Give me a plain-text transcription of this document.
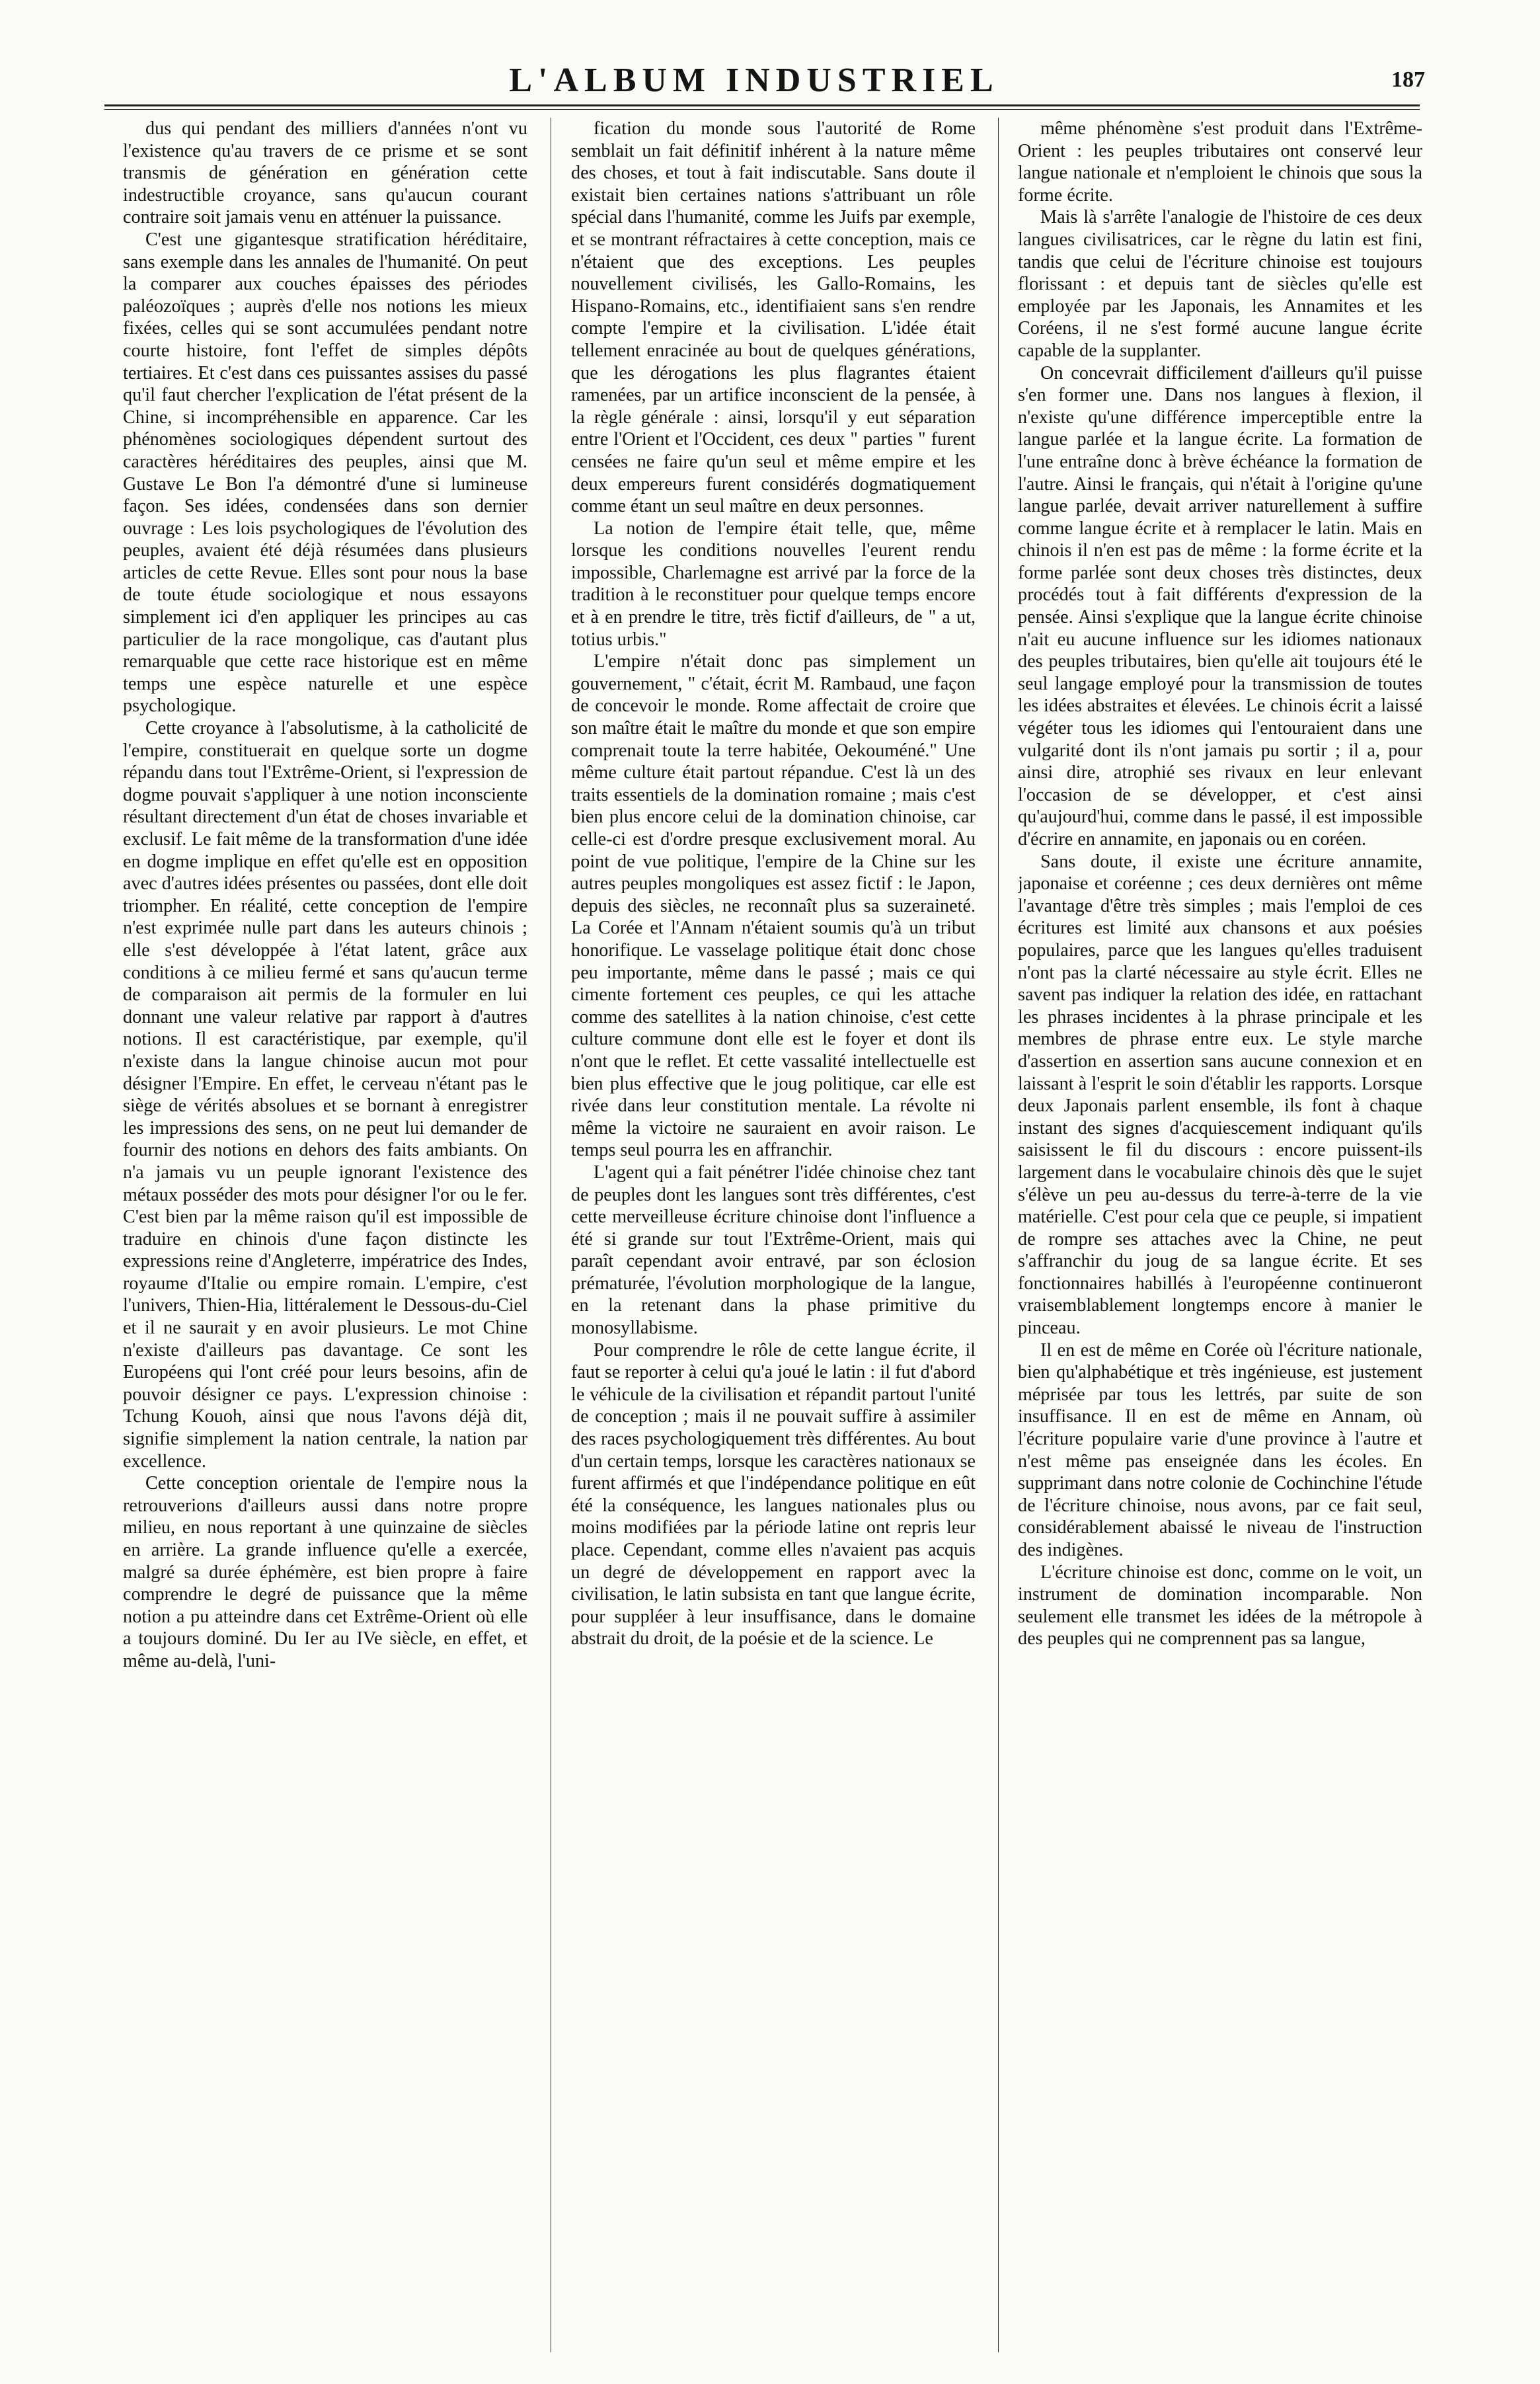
L'ALBUM INDUSTRIEL	187

dus qui pendant des milliers d'années n'ont vu l'existence qu'au travers de ce prisme et se sont transmis de génération en génération cette indestructible croyance, sans qu'aucun courant contraire soit jamais venu en atténuer la puissance.

C'est une gigantesque stratification héréditaire, sans exemple dans les annales de l'humanité. On peut la comparer aux couches épaisses des périodes paléozoïques ; auprès d'elle nos notions les mieux fixées, celles qui se sont accumulées pendant notre courte histoire, font l'effet de simples dépôts tertiaires. Et c'est dans ces puissantes assises du passé qu'il faut chercher l'explication de l'état présent de la Chine, si incompréhensible en apparence. Car les phénomènes sociologiques dépendent surtout des caractères héréditaires des peuples, ainsi que M. Gustave Le Bon l'a démontré d'une si lumineuse façon. Ses idées, condensées dans son dernier ouvrage : Les lois psychologiques de l'évolution des peuples, avaient été déjà résumées dans plusieurs articles de cette Revue. Elles sont pour nous la base de toute étude sociologique et nous essayons simplement ici d'en appliquer les principes au cas particulier de la race mongolique, cas d'autant plus remarquable que cette race historique est en même temps une espèce naturelle et une espèce psychologique.

Cette croyance à l'absolutisme, à la catholicité de l'empire, constituerait en quelque sorte un dogme répandu dans tout l'Extrême-Orient, si l'expression de dogme pouvait s'appliquer à une notion inconsciente résultant directement d'un état de choses invariable et exclusif. Le fait même de la transformation d'une idée en dogme implique en effet qu'elle est en opposition avec d'autres idées présentes ou passées, dont elle doit triompher. En réalité, cette conception de l'empire n'est exprimée nulle part dans les auteurs chinois ; elle s'est développée à l'état latent, grâce aux conditions à ce milieu fermé et sans qu'aucun terme de comparaison ait permis de la formuler en lui donnant une valeur relative par rapport à d'autres notions. Il est caractéristique, par exemple, qu'il n'existe dans la langue chinoise aucun mot pour désigner l'Empire. En effet, le cerveau n'étant pas le siège de vérités absolues et se bornant à enregistrer les impressions des sens, on ne peut lui demander de fournir des notions en dehors des faits ambiants. On n'a jamais vu un peuple ignorant l'existence des métaux posséder des mots pour désigner l'or ou le fer. C'est bien par la même raison qu'il est impossible de traduire en chinois d'une façon distincte les expressions reine d'Angleterre, impératrice des Indes, royaume d'Italie ou empire romain. L'empire, c'est l'univers, Thien-Hia, littéralement le Dessous-du-Ciel et il ne saurait y en avoir plusieurs. Le mot Chine n'existe d'ailleurs pas davantage. Ce sont les Européens qui l'ont créé pour leurs besoins, afin de pouvoir désigner ce pays. L'expression chinoise : Tchung Kouoh, ainsi que nous l'avons déjà dit, signifie simplement la nation centrale, la nation par excellence.

Cette conception orientale de l'empire nous la retrouverions d'ailleurs aussi dans notre propre milieu, en nous reportant à une quinzaine de siècles en arrière. La grande influence qu'elle a exercée, malgré sa durée éphémère, est bien propre à faire comprendre le degré de puissance que la même notion a pu atteindre dans cet Extrême-Orient où elle a toujours dominé. Du Ier au IVe siècle, en effet, et même au-delà, l'uni-

fication du monde sous l'autorité de Rome semblait un fait définitif inhérent à la nature même des choses, et tout à fait indiscutable. Sans doute il existait bien certaines nations s'attribuant un rôle spécial dans l'humanité, comme les Juifs par exemple, et se montrant réfractaires à cette conception, mais ce n'étaient que des exceptions. Les peuples nouvellement civilisés, les Gallo-Romains, les Hispano-Romains, etc., identifiaient sans s'en rendre compte l'empire et la civilisation. L'idée était tellement enracinée au bout de quelques générations, que les dérogations les plus flagrantes étaient ramenées, par un artifice inconscient de la pensée, à la règle générale : ainsi, lorsqu'il y eut séparation entre l'Orient et l'Occident, ces deux " parties " furent censées ne faire qu'un seul et même empire et les deux empereurs furent considérés dogmatiquement comme étant un seul maître en deux personnes.

La notion de l'empire était telle, que, même lorsque les conditions nouvelles l'eurent rendu impossible, Charlemagne est arrivé par la force de la tradition à le reconstituer pour quelque temps encore et à en prendre le titre, très fictif d'ailleurs, de " a ut, totius urbis."

L'empire n'était donc pas simplement un gouvernement, " c'était, écrit M. Rambaud, une façon de concevoir le monde. Rome affectait de croire que son maître était le maître du monde et que son empire comprenait toute la terre habitée, Oekouméné." Une même culture était partout répandue. C'est là un des traits essentiels de la domination romaine ; mais c'est bien plus encore celui de la domination chinoise, car celle-ci est d'ordre presque exclusivement moral. Au point de vue politique, l'empire de la Chine sur les autres peuples mongoliques est assez fictif : le Japon, depuis des siècles, ne reconnaît plus sa suzeraineté. La Corée et l'Annam n'étaient soumis qu'à un tribut honorifique. Le vasselage politique était donc chose peu importante, même dans le passé ; mais ce qui cimente fortement ces peuples, ce qui les attache comme des satellites à la nation chinoise, c'est cette culture commune dont elle est le foyer et dont ils n'ont que le reflet. Et cette vassalité intellectuelle est bien plus effective que le joug politique, car elle est rivée dans leur constitution mentale. La révolte ni même la victoire ne sauraient en avoir raison. Le temps seul pourra les en affranchir.

L'agent qui a fait pénétrer l'idée chinoise chez tant de peuples dont les langues sont très différentes, c'est cette merveilleuse écriture chinoise dont l'influence a été si grande sur tout l'Extrême-Orient, mais qui paraît cependant avoir entravé, par son éclosion prématurée, l'évolution morphologique de la langue, en la retenant dans la phase primitive du monosyllabisme.

Pour comprendre le rôle de cette langue écrite, il faut se reporter à celui qu'a joué le latin : il fut d'abord le véhicule de la civilisation et répandit partout l'unité de conception ; mais il ne pouvait suffire à assimiler des races psychologiquement très différentes. Au bout d'un certain temps, lorsque les caractères nationaux se furent affirmés et que l'indépendance politique en eût été la conséquence, les langues nationales plus ou moins modifiées par la période latine ont repris leur place. Cependant, comme elles n'avaient pas acquis un degré de développement en rapport avec la civilisation, le latin subsista en tant que langue écrite, pour suppléer à leur insuffisance, dans le domaine abstrait du droit, de la poésie et de la science. Le

même phénomène s'est produit dans l'Extrême-Orient : les peuples tributaires ont conservé leur langue nationale et n'emploient le chinois que sous la forme écrite.

Mais là s'arrête l'analogie de l'histoire de ces deux langues civilisatrices, car le règne du latin est fini, tandis que celui de l'écriture chinoise est toujours florissant : et depuis tant de siècles qu'elle est employée par les Japonais, les Annamites et les Coréens, il ne s'est formé aucune langue écrite capable de la supplanter.

On concevrait difficilement d'ailleurs qu'il puisse s'en former une. Dans nos langues à flexion, il n'existe qu'une différence imperceptible entre la langue parlée et la langue écrite. La formation de l'une entraîne donc à brève échéance la formation de l'autre. Ainsi le français, qui n'était à l'origine qu'une langue parlée, devait arriver naturellement à suffire comme langue écrite et à remplacer le latin. Mais en chinois il n'en est pas de même : la forme écrite et la forme parlée sont deux choses très distinctes, deux procédés tout à fait différents d'expression de la pensée. Ainsi s'explique que la langue écrite chinoise n'ait eu aucune influence sur les idiomes nationaux des peuples tributaires, bien qu'elle ait toujours été le seul langage employé pour la transmission de toutes les idées abstraites et élevées. Le chinois écrit a laissé végéter tous les idiomes qui l'entouraient dans une vulgarité dont ils n'ont jamais pu sortir ; il a, pour ainsi dire, atrophié ses rivaux en leur enlevant l'occasion de se développer, et c'est ainsi qu'aujourd'hui, comme dans le passé, il est impossible d'écrire en annamite, en japonais ou en coréen.

Sans doute, il existe une écriture annamite, japonaise et coréenne ; ces deux dernières ont même l'avantage d'être très simples ; mais l'emploi de ces écritures est limité aux chansons et aux poésies populaires, parce que les langues qu'elles traduisent n'ont pas la clarté nécessaire au style écrit. Elles ne savent pas indiquer la relation des idée, en rattachant les phrases incidentes à la phrase principale et les membres de phrase entre eux. Le style marche d'assertion en assertion sans aucune connexion et en laissant à l'esprit le soin d'établir les rapports. Lorsque deux Japonais parlent ensemble, ils font à chaque instant des signes d'acquiescement indiquant qu'ils saisissent le fil du discours : encore puissent-ils largement dans le vocabulaire chinois dès que le sujet s'élève un peu au-dessus du terre-à-terre de la vie matérielle. C'est pour cela que ce peuple, si impatient de rompre ses attaches avec la Chine, ne peut s'affranchir du joug de sa langue écrite. Et ses fonctionnaires habillés à l'européenne continueront vraisemblablement longtemps encore à manier le pinceau.

Il en est de même en Corée où l'écriture nationale, bien qu'alphabétique et très ingénieuse, est justement méprisée par tous les lettrés, par suite de son insuffisance. Il en est de même en Annam, où l'écriture populaire varie d'une province à l'autre et n'est même pas enseignée dans les écoles. En supprimant dans notre colonie de Cochinchine l'étude de l'écriture chinoise, nous avons, par ce fait seul, considérablement abaissé le niveau de l'instruction des indigènes.

L'écriture chinoise est donc, comme on le voit, un instrument de domination incomparable. Non seulement elle transmet les idées de la métropole à des peuples qui ne comprennent pas sa langue,
